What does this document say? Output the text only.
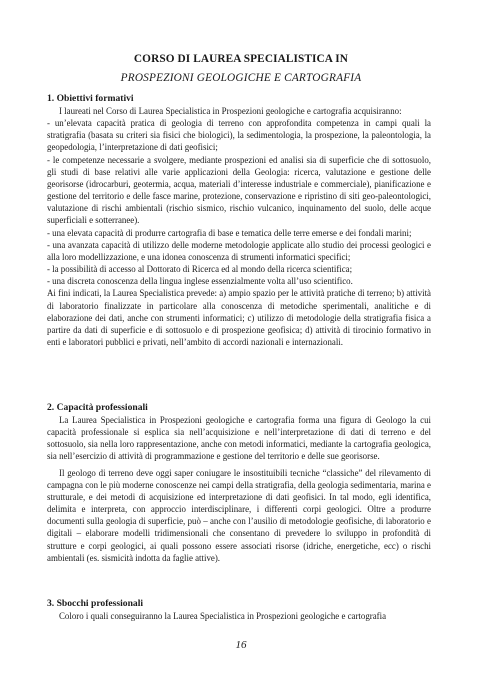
CORSO DI LAUREA SPECIALISTICA IN
PROSPEZIONI GEOLOGICHE E CARTOGRAFIA
1. Obiettivi formativi

I laureati nel Corso di Laurea Specialistica in Prospezioni geologiche e cartografia acquisiranno:

- un’elevata capacità pratica di geologia di terreno con approfondita competenza in campi quali la stratigrafia (basata su criteri sia fisici che biologici), la sedimentologia, la prospezione, la paleontologia, la geopedologia, l’interpretazione di dati geofisici;

- le competenze necessarie a svolgere, mediante prospezioni ed analisi sia di superficie che di sottosuolo, gli studi di base relativi alle varie applicazioni della Geologia: ricerca, valutazione e gestione delle georisorse (idrocarburi, geotermia, acqua, materiali d’interesse industriale e commerciale), pianificazione e gestione del territorio e delle fasce marine, protezione, conservazione e ripristino di siti geo-paleontologici, valutazione di rischi ambientali (rischio sismico, rischio vulcanico, inquinamento del suolo, delle acque superficiali e sotterranee).

- una elevata capacità di produrre cartografia di base e tematica delle terre emerse e dei fondali marini;

- una avanzata capacità di utilizzo delle moderne metodologie applicate allo studio dei processi geologici e alla loro modellizzazione, e una idonea conoscenza di strumenti informatici specifici;

- la possibilità di accesso al Dottorato di Ricerca ed al mondo della ricerca scientifica;

- una discreta conoscenza della lingua inglese essenzialmente volta all’uso scientifico.

Ai fini indicati, la Laurea Specialistica prevede: a) ampio spazio per le attività pratiche di terreno; b) attività di laboratorio finalizzate in particolare alla conoscenza di metodiche sperimentali, analitiche e di elaborazione dei dati, anche con strumenti informatici; c) utilizzo di metodologie della stratigrafia fisica a partire da dati di superficie e di sottosuolo e di prospezione geofisica; d) attività di tirocinio formativo in enti e laboratori pubblici e privati, nell’ambito di accordi nazionali e internazionali.

2. Capacità professionali

La Laurea Specialistica in Prospezioni geologiche e cartografia forma una figura di Geologo la cui capacità professionale si esplica sia nell’acquisizione e nell’interpretazione di dati di terreno e del sottosuolo, sia nella loro rappresentazione, anche con metodi informatici, mediante la cartografia geologica, sia nell’esercizio di attività di programmazione e gestione del territorio e delle sue georisorse.

Il geologo di terreno deve oggi saper coniugare le insostituibili tecniche “classiche” del rilevamento di campagna con le più moderne conoscenze nei campi della stratigrafia, della geologia sedimentaria, marina e strutturale, e dei metodi di acquisizione ed interpretazione di dati geofisici. In tal modo, egli identifica, delimita e interpreta, con approccio interdisciplinare, i differenti corpi geologici. Oltre a produrre documenti sulla geologia di superficie, può – anche con l’ausilio di metodologie geofisiche, di laboratorio e digitali – elaborare modelli tridimensionali che consentano di prevedere lo sviluppo in profondità di strutture e corpi geologici, ai quali possono essere associati risorse (idriche, energetiche, ecc) o rischi ambientali (es. sismicità indotta da faglie attive).

3. Sbocchi professionali

Coloro i quali conseguiranno la Laurea Specialistica in Prospezioni geologiche e cartografia

16
